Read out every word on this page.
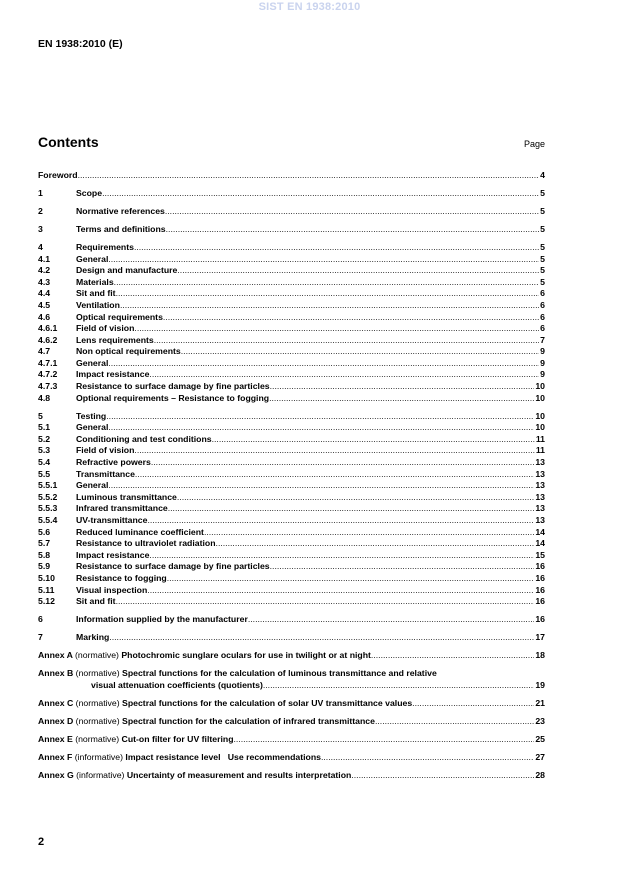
SIST EN 1938:2010
EN 1938:2010 (E)
Contents	Page
Foreword .....	4
1	Scope .....	5
2	Normative references .....	5
3	Terms and definitions .....	5
4	Requirements .....	5
4.1	General .....	5
4.2	Design and manufacture .....	5
4.3	Materials .....	5
4.4	Sit and fit .....	6
4.5	Ventilation .....	6
4.6	Optical requirements .....	6
4.6.1 Field of vision .....	6
4.6.2 Lens requirements .....	7
4.7	Non optical requirements .....	9
4.7.1 General .....	9
4.7.2 Impact resistance .....	9
4.7.3 Resistance to surface damage by fine particles .....	10
4.8	Optional requirements – Resistance to fogging .....	10
5	Testing .....	10
5.1	General .....	10
5.2	Conditioning and test conditions .....	11
5.3	Field of vision .....	11
5.4	Refractive powers .....	13
5.5	Transmittance .....	13
5.5.1 General .....	13
5.5.2 Luminous transmittance .....	13
5.5.3 Infrared transmittance .....	13
5.5.4 UV-transmittance .....	13
5.6	Reduced luminance coefficient .....	14
5.7	Resistance to ultraviolet radiation .....	14
5.8	Impact resistance .....	15
5.9	Resistance to surface damage by fine particles .....	16
5.10 Resistance to fogging .....	16
5.11 Visual inspection .....	16
5.12 Sit and fit .....	16
6	Information supplied by the manufacturer .....	16
7	Marking .....	17
Annex A (normative) Photochromic sunglare oculars for use in twilight or at night .....	18
Annex B (normative) Spectral functions for the calculation of luminous transmittance and relative
visual attenuation coefficients (quotients) .....	19
Annex C (normative) Spectral functions for the calculation of solar UV transmittance values .....	21
Annex D (normative) Spectral function for the calculation of infrared transmittance .....	23
Annex E (normative) Cut-on filter for UV filtering .....	25
Annex F (informative) Impact resistance level   Use recommendations .....	27
Annex G (informative) Uncertainty of measurement and results interpretation .....	28
2
